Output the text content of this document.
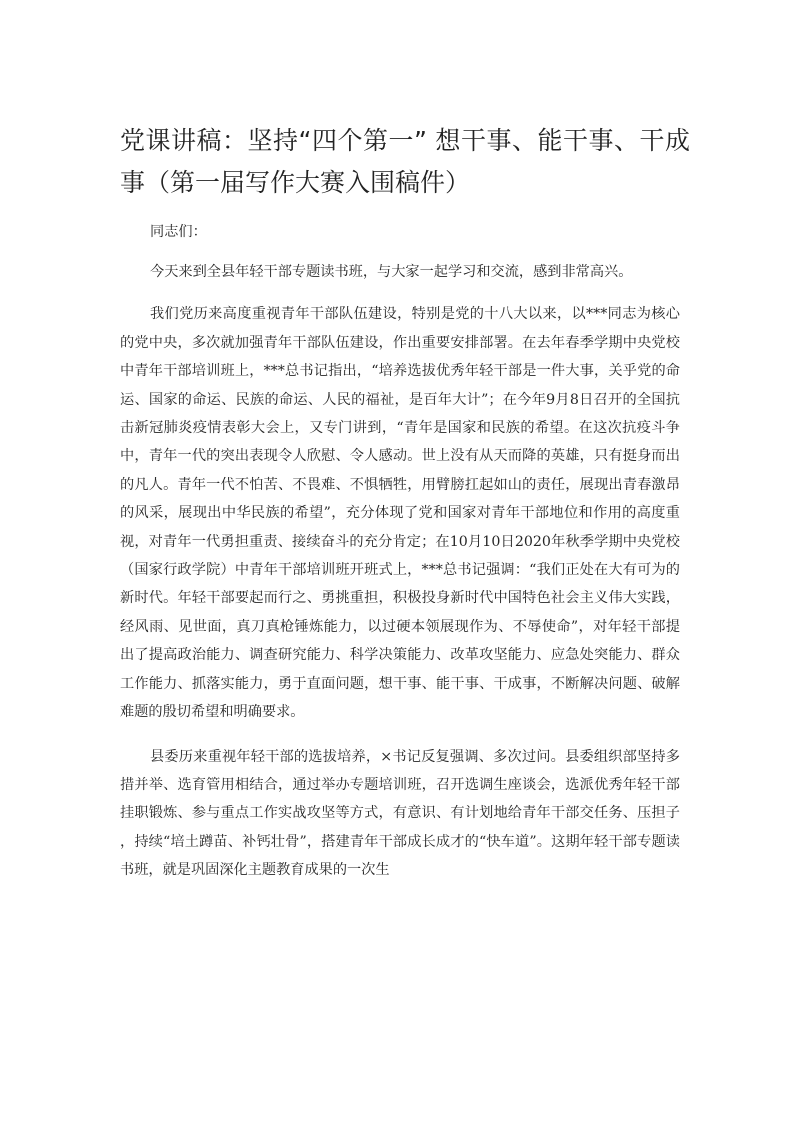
党课讲稿：坚持“四个第一” 想干事、能干事、干成事（第一届写作大赛入围稿件）

同志们：

今天来到全县年轻干部专题读书班，与大家一起学习和交流，感到非常高兴。

我们党历来高度重视青年干部队伍建设，特别是党的十八大以来，以***同志为核心的党中央，多次就加强青年干部队伍建设，作出重要安排部署。在去年春季学期中央党校中青年干部培训班上，***总书记指出，“培养选拔优秀年轻干部是一件大事，关乎党的命运、国家的命运、民族的命运、人民的福祉，是百年大计”；在今年9月8日召开的全国抗击新冠肺炎疫情表彰大会上，又专门讲到，“青年是国家和民族的希望。在这次抗疫斗争中，青年一代的突出表现令人欣慰、令人感动。世上没有从天而降的英雄，只有挺身而出的凡人。青年一代不怕苦、不畏难、不惧牺牲，用臂膀扛起如山的责任，展现出青春激昂的风采，展现出中华民族的希望”，充分体现了党和国家对青年干部地位和作用的高度重视，对青年一代勇担重责、接续奋斗的充分肯定；在10月10日2020年秋季学期中央党校（国家行政学院）中青年干部培训班开班式上，***总书记强调：“我们正处在大有可为的新时代。年轻干部要起而行之、勇挑重担，积极投身新时代中国特色社会主义伟大实践，经风雨、见世面，真刀真枪锤炼能力，以过硬本领展现作为、不辱使命”，对年轻干部提出了提高政治能力、调查研究能力、科学决策能力、改革攻坚能力、应急处突能力、群众工作能力、抓落实能力，勇于直面问题，想干事、能干事、干成事，不断解决问题、破解难题的殷切希望和明确要求。

县委历来重视年轻干部的选拔培养，×书记反复强调、多次过问。县委组织部坚持多措并举、选育管用相结合，通过举办专题培训班，召开选调生座谈会，选派优秀年轻干部挂职锻炼、参与重点工作实战攻坚等方式，有意识、有计划地给青年干部交任务、压担子，持续“培土蹲苗、补钙壮骨”，搭建青年干部成长成才的“快车道”。这期年轻干部专题读书班，就是巩固深化主题教育成果的一次生
